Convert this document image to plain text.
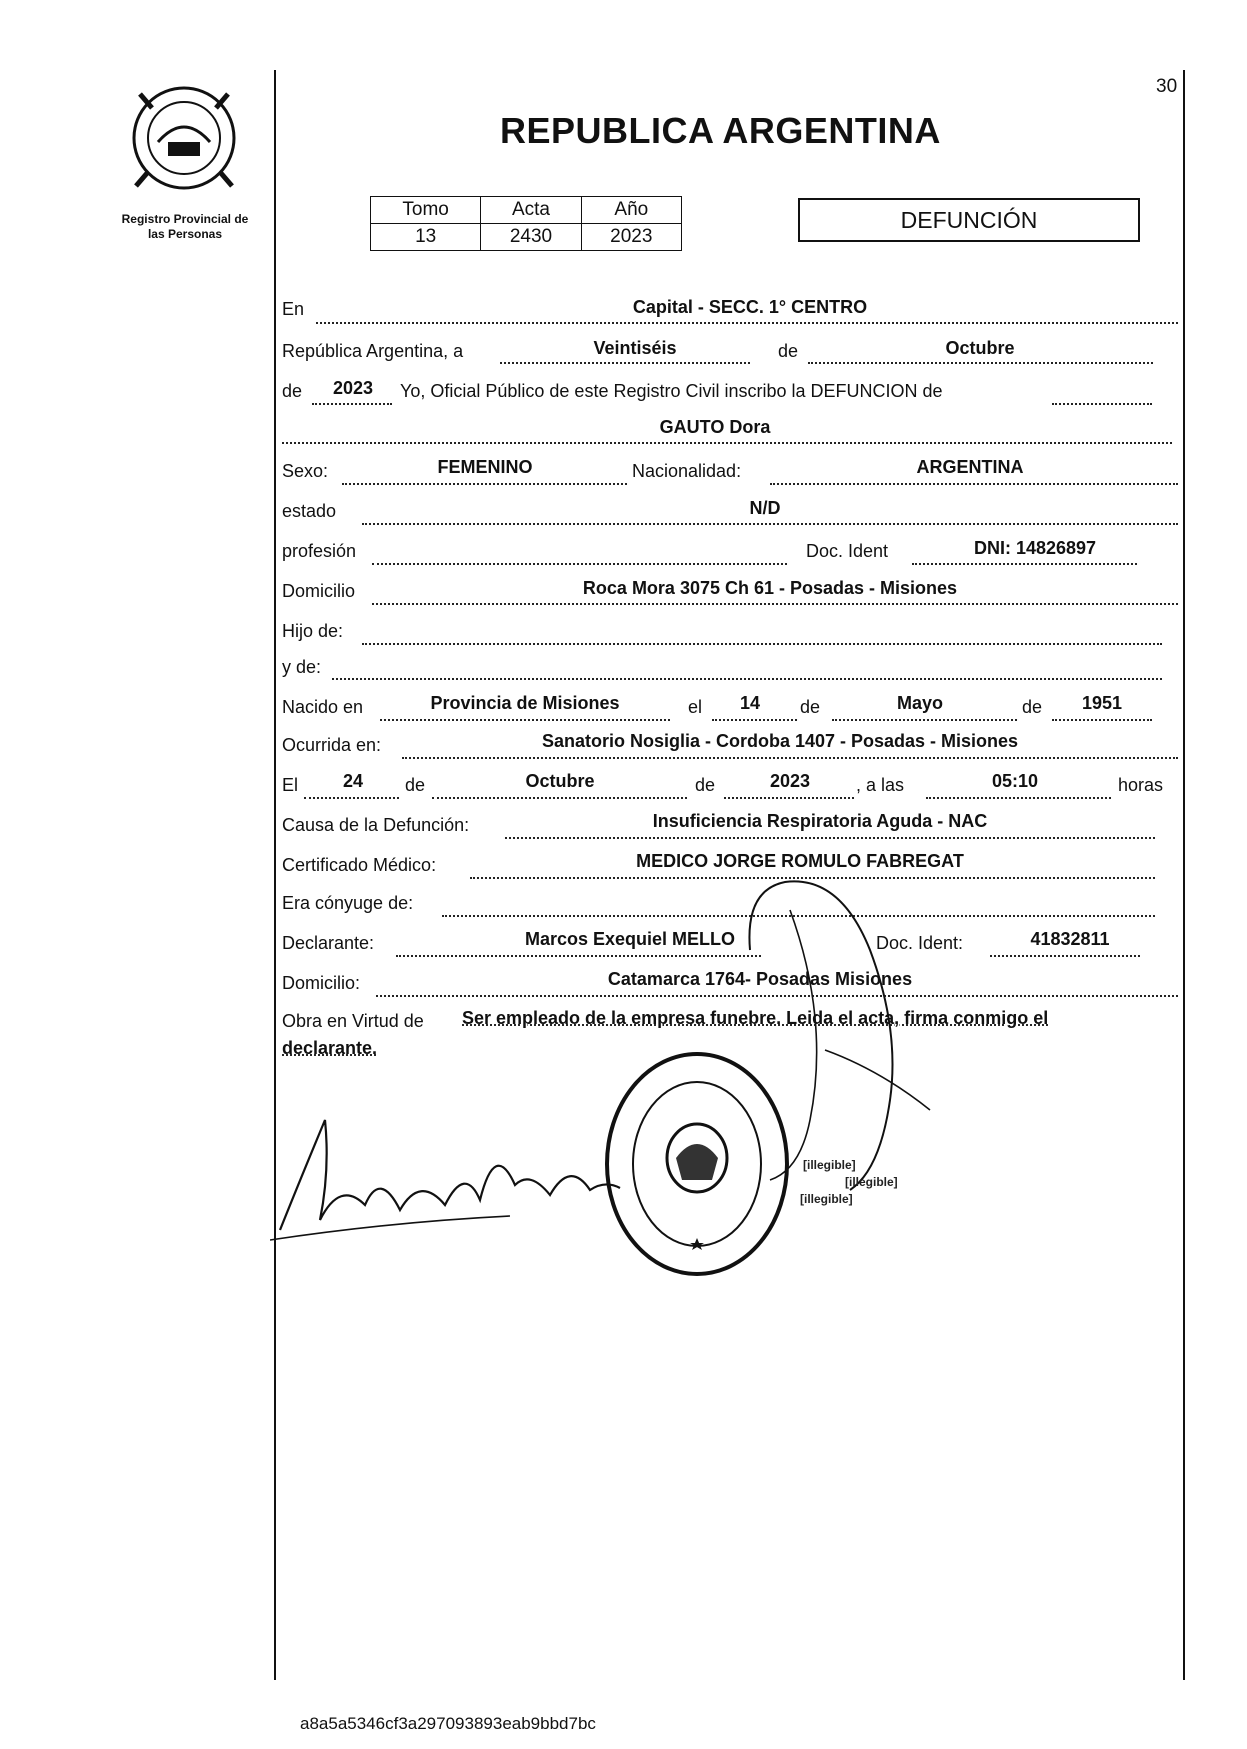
30
Registro Provincial de
las Personas
REPUBLICA ARGENTINA
Tomo	Acta	Año
13	2430	2023
DEFUNCIÓN
En	Capital - SECC. 1° CENTRO
República Argentina, a	Veintiséis	de	Octubre
de	2023	Yo, Oficial Público de este Registro Civil inscribo la DEFUNCION de
GAUTO Dora
Sexo:	FEMENINO	Nacionalidad:	ARGENTINA
estado	N/D
profesión	Doc. Ident	DNI: 14826897
Domicilio	Roca Mora 3075 Ch 61 - Posadas - Misiones
Hijo de:
y de:
Nacido en	Provincia de Misiones	el	14	de	Mayo	de	1951
Ocurrida en:	Sanatorio Nosiglia - Cordoba 1407 - Posadas - Misiones
El	24	de	Octubre	de	2023	, a las	05:10	horas
Causa de la Defunción:	Insuficiencia Respiratoria Aguda - NAC
Certificado Médico:	MEDICO JORGE ROMULO FABREGAT
Era cónyuge de:
Declarante:	Marcos Exequiel MELLO	Doc. Ident:	41832811
Domicilio:	Catamarca 1764- Posadas Misiones
Obra en Virtud de Ser empleado de la empresa funebre. Leida el acta, firma conmigo el
declarante.
[illegible]
[illegible]
[illegible]
a8a5a5346cf3a297093893eab9bbd7bc
